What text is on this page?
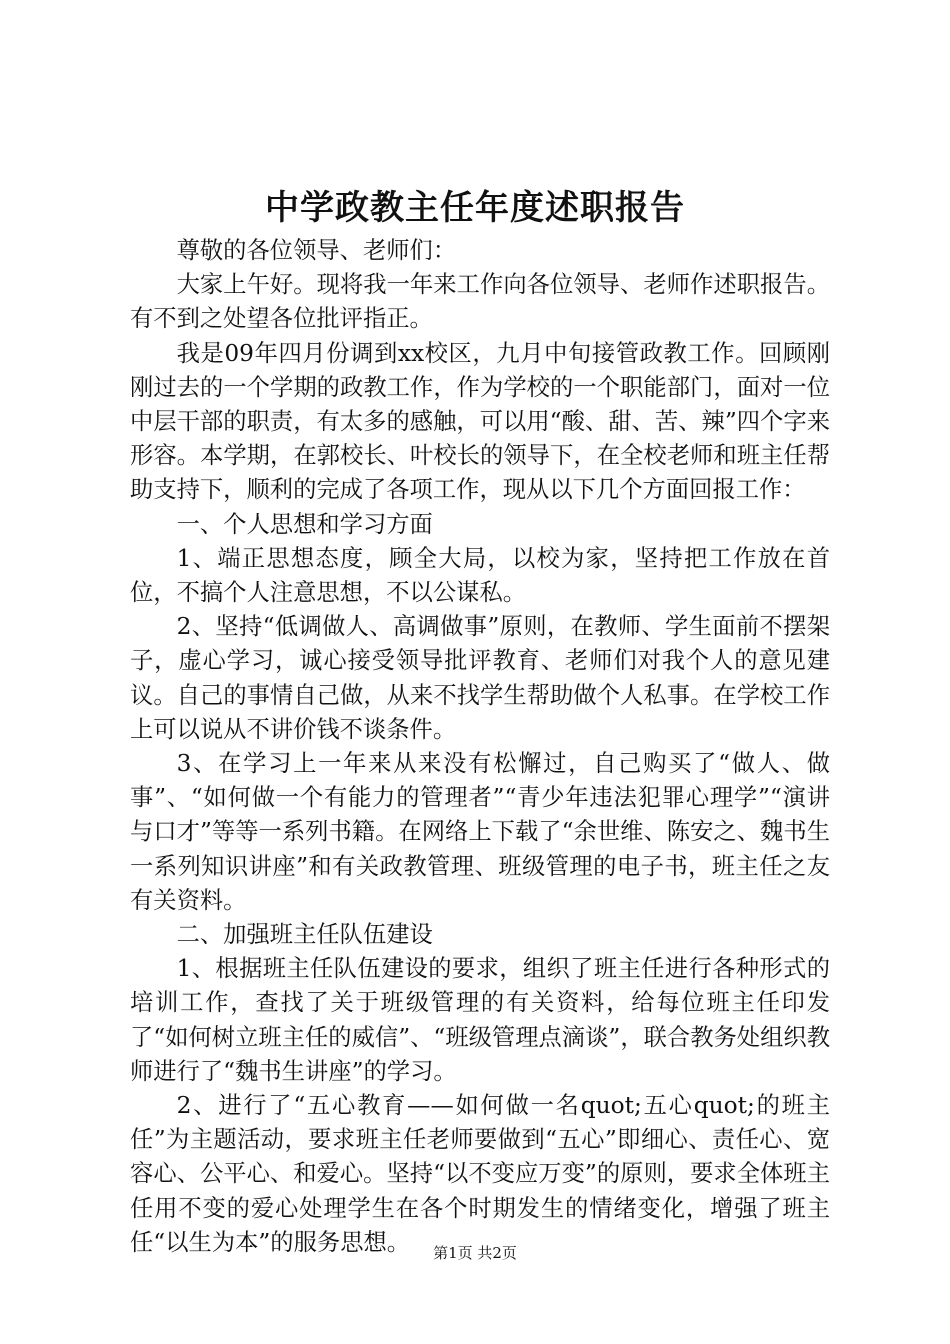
中学政教主任年度述职报告

尊敬的各位领导、老师们：

大家上午好。现将我一年来工作向各位领导、老师作述职报告。有不到之处望各位批评指正。

我是09年四月份调到xx校区，九月中旬接管政教工作。回顾刚刚过去的一个学期的政教工作，作为学校的一个职能部门，面对一位中层干部的职责，有太多的感触，可以用“酸、甜、苦、辣”四个字来形容。本学期，在郭校长、叶校长的领导下，在全校老师和班主任帮助支持下，顺利的完成了各项工作，现从以下几个方面回报工作：

一、个人思想和学习方面

1、端正思想态度，顾全大局，以校为家，坚持把工作放在首位，不搞个人注意思想，不以公谋私。

2、坚持“低调做人、高调做事”原则，在教师、学生面前不摆架子，虚心学习，诚心接受领导批评教育、老师们对我个人的意见建议。自己的事情自己做，从来不找学生帮助做个人私事。在学校工作上可以说从不讲价钱不谈条件。

3、在学习上一年来从来没有松懈过，自己购买了“做人、做事”、“如何做一个有能力的管理者”“青少年违法犯罪心理学”“演讲与口才”等等一系列书籍。在网络上下载了“余世维、陈安之、魏书生一系列知识讲座”和有关政教管理、班级管理的电子书，班主任之友有关资料。

二、加强班主任队伍建设

1、根据班主任队伍建设的要求，组织了班主任进行各种形式的培训工作，查找了关于班级管理的有关资料，给每位班主任印发了“如何树立班主任的威信”、“班级管理点滴谈”，联合教务处组织教师进行了“魏书生讲座”的学习。

2、进行了“五心教育——如何做一名quot;五心quot;的班主任”为主题活动，要求班主任老师要做到“五心”即细心、责任心、宽容心、公平心、和爱心。坚持“以不变应万变”的原则，要求全体班主任用不变的爱心处理学生在各个时期发生的情绪变化，增强了班主任“以生为本”的服务思想。	第1页 共2页
